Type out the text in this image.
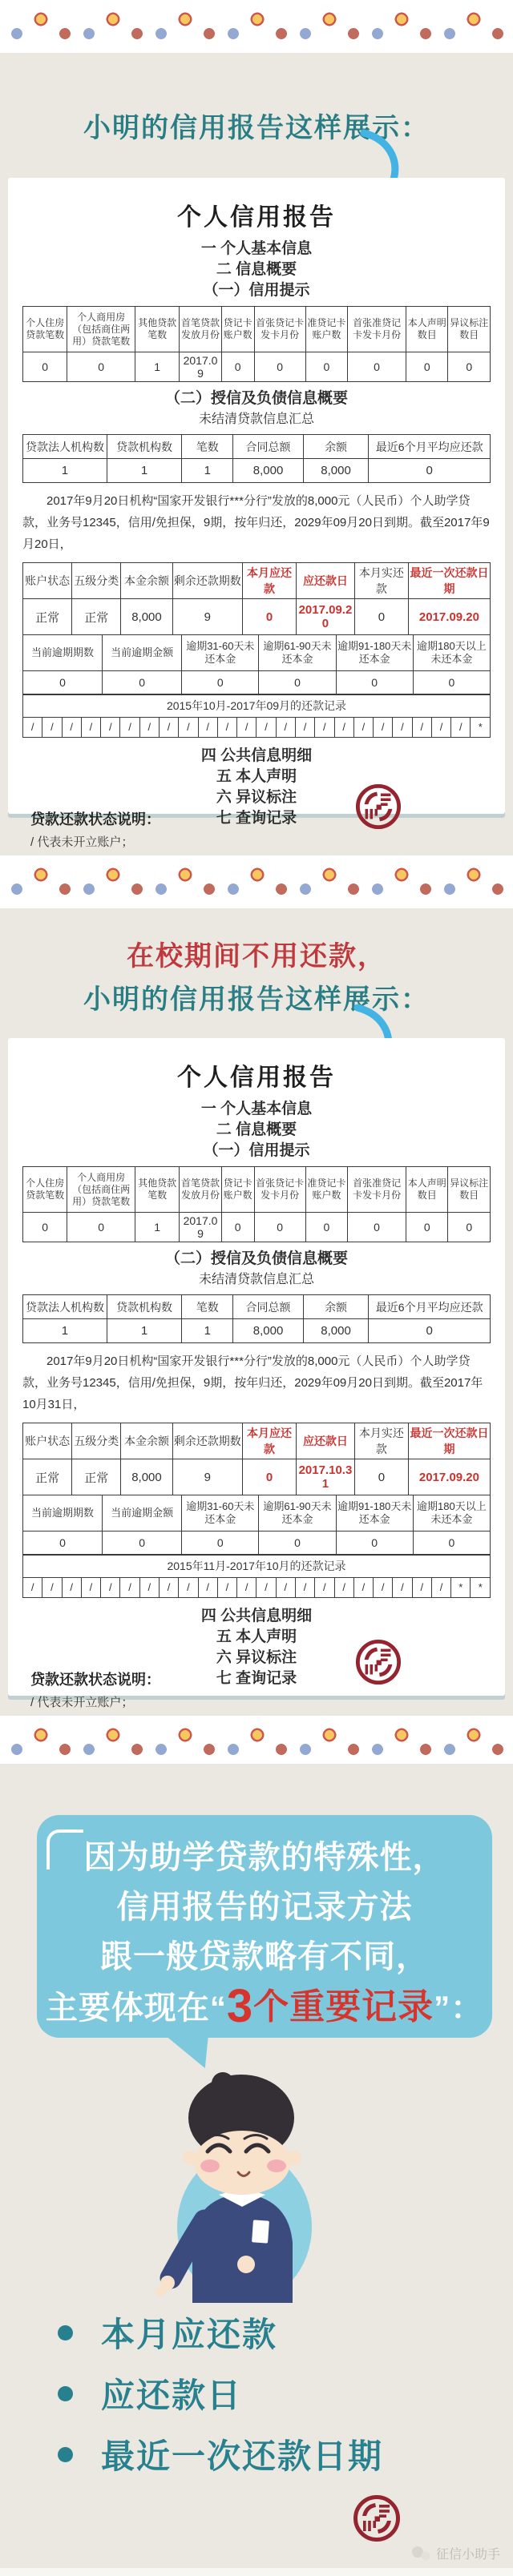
小明的信用报告这样展示：
个人信用报告
一 个人基本信息
二 信息概要
（一）信用提示
个人住房贷款笔数	个人商用房（包括商住两用）贷款笔数	其他贷款笔数	首笔贷款发放月份	贷记卡账户数	首张贷记卡发卡月份	准贷记卡账户数	首张准贷记卡发卡月份	本人声明数目	异议标注数目
0	0	1	2017.09	0	0	0	0	0	0
（二）授信及负债信息概要
未结清贷款信息汇总
贷款法人机构数	贷款机构数	笔数	合同总额	余额	最近6个月平均应还款
1	1	1	8,000	8,000	0
2017年9月20日机构“国家开发银行***分行”发放的8,000元（人民币）个人助学贷款，业务号12345，信用/免担保，9期，按年归还，2029年09月20日到期。截至2017年9月20日，
账户状态	五级分类	本金余额	剩余还款期数	本月应还款	应还款日	本月实还款	最近一次还款日期
正常	正常	8,000	9	0	2017.09.20	0	2017.09.20
当前逾期期数	当前逾期金额	逾期31-60天未还本金	逾期61-90天未还本金	逾期91-180天未还本金	逾期180天以上未还本金
0	0	0	0	0	0
2015年10月-2017年09月的还款记录
/	/	/	/	/	/	/	/	/	/	/	/	/	/	/	/	/	/	/	/	/	/	/	*
四 公共信息明细
五 本人声明
六 异议标注
七 查询记录
贷款还款状态说明：
/ 代表未开立账户；
在校期间不用还款，
小明的信用报告这样展示：
个人信用报告
一 个人基本信息
二 信息概要
（一）信用提示
个人住房贷款笔数	个人商用房（包括商住两用）贷款笔数	其他贷款笔数	首笔贷款发放月份	贷记卡账户数	首张贷记卡发卡月份	准贷记卡账户数	首张准贷记卡发卡月份	本人声明数目	异议标注数目
0	0	1	2017.09	0	0	0	0	0	0
（二）授信及负债信息概要
未结清贷款信息汇总
贷款法人机构数	贷款机构数	笔数	合同总额	余额	最近6个月平均应还款
1	1	1	8,000	8,000	0
2017年9月20日机构“国家开发银行***分行”发放的8,000元（人民币）个人助学贷款，业务号12345，信用/免担保，9期，按年归还，2029年09月20日到期。截至2017年10月31日，
账户状态	五级分类	本金余额	剩余还款期数	本月应还款	应还款日	本月实还款	最近一次还款日期
正常	正常	8,000	9	0	2017.10.31	0	2017.09.20
当前逾期期数	当前逾期金额	逾期31-60天未还本金	逾期61-90天未还本金	逾期91-180天未还本金	逾期180天以上未还本金
0	0	0	0	0	0
2015年11月-2017年10月的还款记录
/	/	/	/	/	/	/	/	/	/	/	/	/	/	/	/	/	/	/	/	/	/	*	*
四 公共信息明细
五 本人声明
六 异议标注
七 查询记录
贷款还款状态说明：
/ 代表未开立账户；
因为助学贷款的特殊性，
信用报告的记录方法
跟一般贷款略有不同，
主要体现在“3个重要记录”：
本月应还款
应还款日
最近一次还款日期
征信小助手
